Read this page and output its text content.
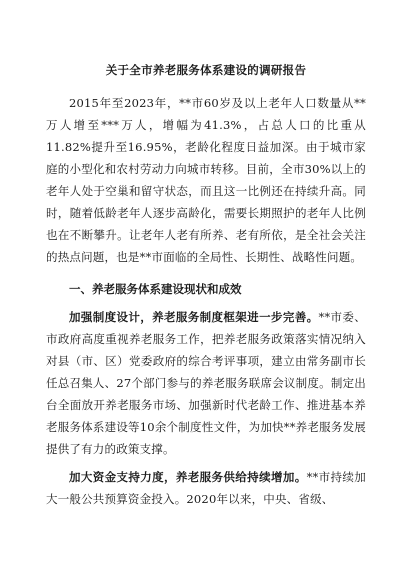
关于全市养老服务体系建设的调研报告

2015年至2023年，**市60岁及以上老年人口数量从**万人增至***万人，增幅为41.3%，占总人口的比重从11.82%提升至16.95%，老龄化程度日益加深。由于城市家庭的小型化和农村劳动力向城市转移。目前，全市30%以上的老年人处于空巢和留守状态，而且这一比例还在持续升高。同时，随着低龄老年人逐步高龄化，需要长期照护的老年人比例也在不断攀升。让老年人老有所养、老有所依，是全社会关注的热点问题，也是**市面临的全局性、长期性、战略性问题。

一、养老服务体系建设现状和成效

加强制度设计，养老服务制度框架进一步完善。**市委、市政府高度重视养老服务工作，把养老服务政策落实情况纳入对县（市、区）党委政府的综合考评事项，建立由常务副市长任总召集人、27个部门参与的养老服务联席会议制度。制定出台全面放开养老服务市场、加强新时代老龄工作、推进基本养老服务体系建设等10余个制度性文件，为加快**养老服务发展提供了有力的政策支撑。

加大资金支持力度，养老服务供给持续增加。**市持续加大一般公共预算资金投入。2020年以来，中央、省级、
